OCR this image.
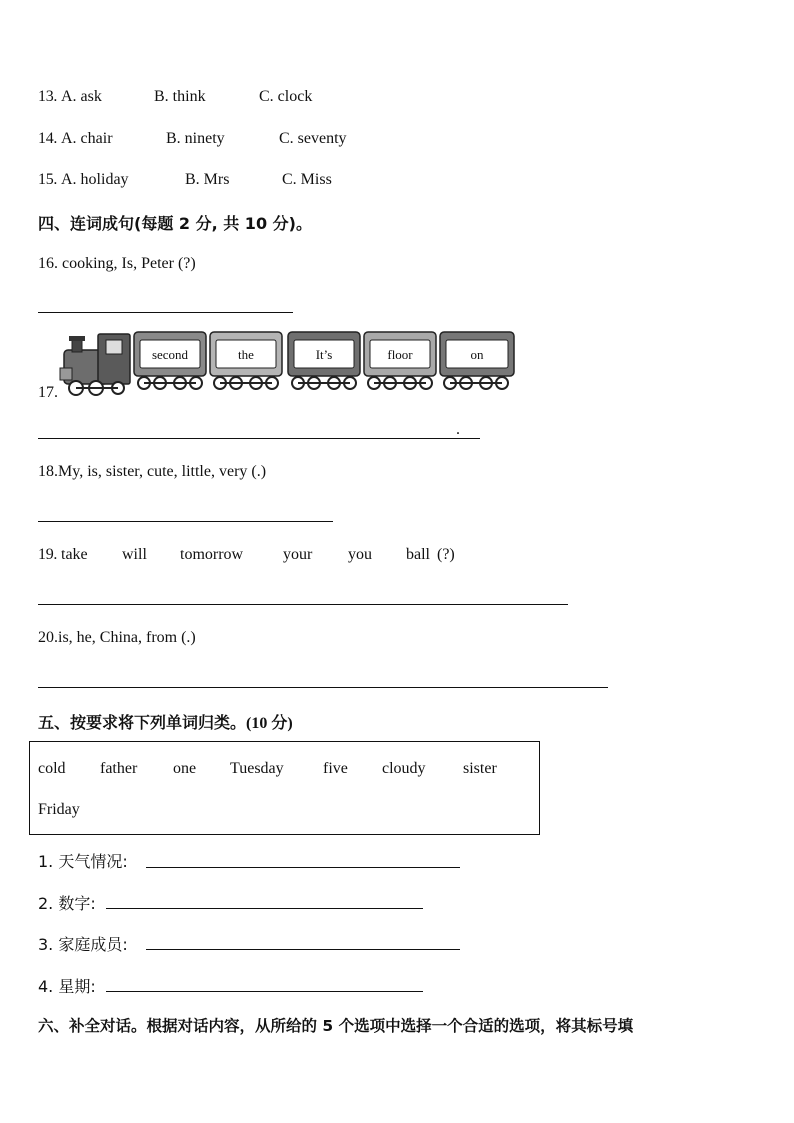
13. A. ask	B. think	C. clock
14. A. chair	B. ninety	C. seventy
15. A. holiday	B. Mrs	C. Miss
四、连词成句(每题 2 分, 共 10 分)。
16. cooking, Is, Peter (?)
17.
second	the	It’s	floor	on
.
18.My, is, sister, cute, little, very (.)
19. take will tomorrow your you ball (?)
20.is, he, China, from (.)
五、按要求将下列单词归类。(10 分)
cold father one Tuesday five cloudy sister
Friday
1. 天气情况:
2. 数字:
3. 家庭成员:
4. 星期:
六、补全对话。根据对话内容，从所给的 5 个选项中选择一个合适的选项，将其标号填
